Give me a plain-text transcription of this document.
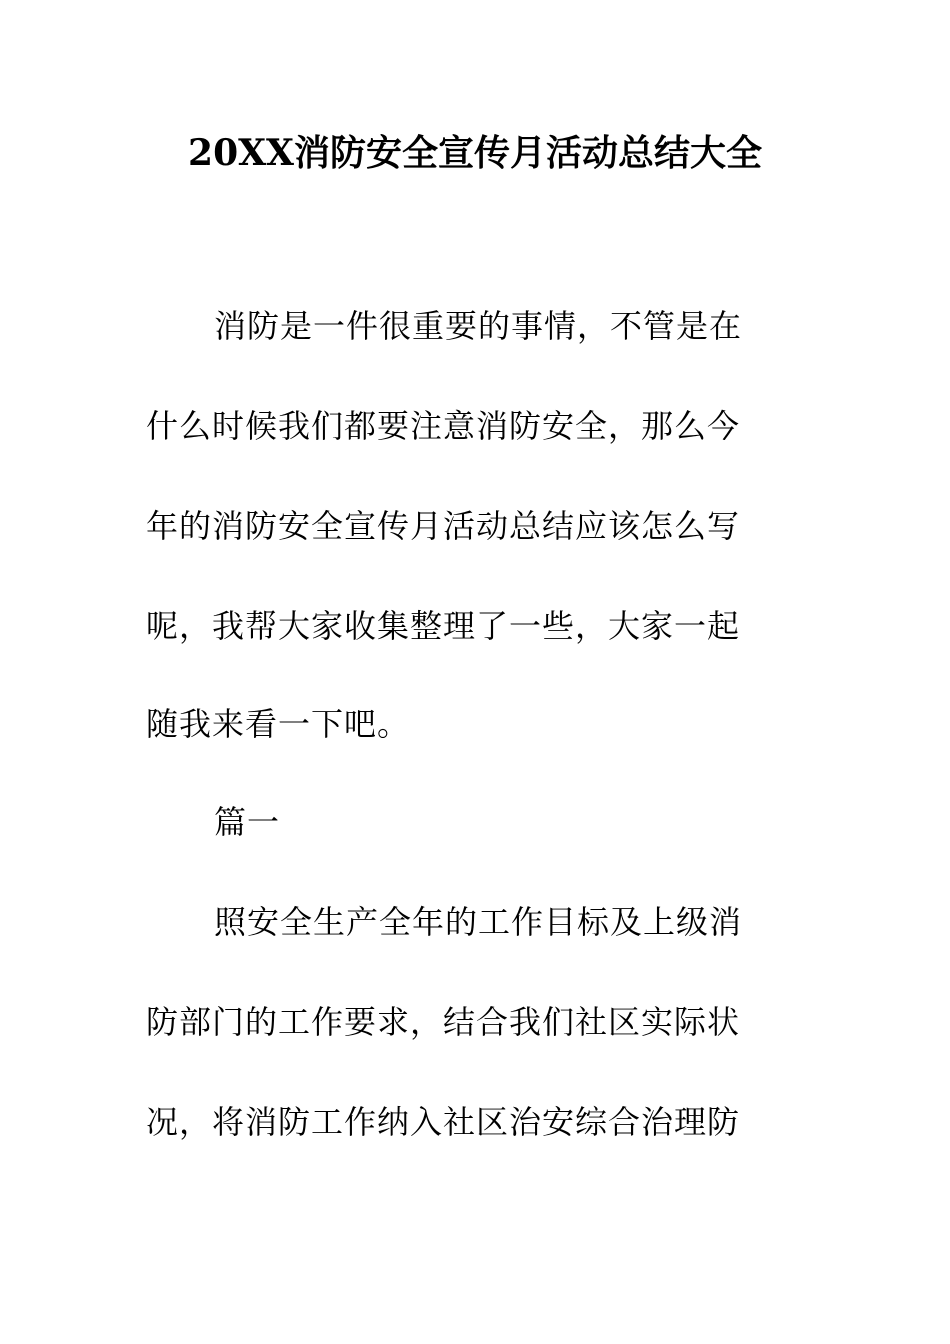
20XX消防安全宣传月活动总结大全

消防是一件很重要的事情，不管是在

什么时候我们都要注意消防安全，那么今

年的消防安全宣传月活动总结应该怎么写

呢，我帮大家收集整理了一些，大家一起

随我来看一下吧。

篇一

照安全生产全年的工作目标及上级消

防部门的工作要求，结合我们社区实际状

况，将消防工作纳入社区治安综合治理防
